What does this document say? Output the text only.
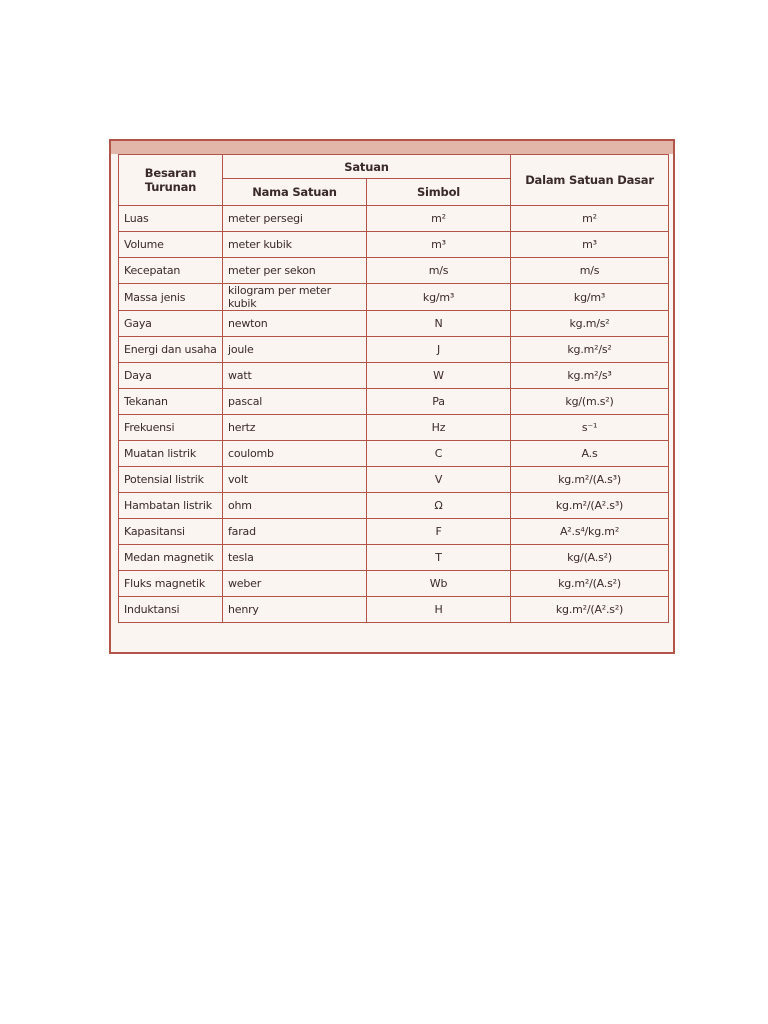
Besaran Turunan	Satuan		Dalam Satuan Dasar
	Nama Satuan	Simbol	
Luas	meter persegi	m²	m²
Volume	meter kubik	m³	m³
Kecepatan	meter per sekon	m/s	m/s
Massa jenis	kilogram per meter kubik	kg/m³	kg/m³
Gaya	newton	N	kg.m/s²
Energi dan usaha	joule	J	kg.m²/s²
Daya	watt	W	kg.m²/s³
Tekanan	pascal	Pa	kg/(m.s²)
Frekuensi	hertz	Hz	s⁻¹
Muatan listrik	coulomb	C	A.s
Potensial listrik	volt	V	kg.m²/(A.s³)
Hambatan listrik	ohm	Ω	kg.m²/(A².s³)
Kapasitansi	farad	F	A².s⁴/kg.m²
Medan magnetik	tesla	T	kg/(A.s²)
Fluks magnetik	weber	Wb	kg.m²/(A.s²)
Induktansi	henry	H	kg.m²/(A².s²)
